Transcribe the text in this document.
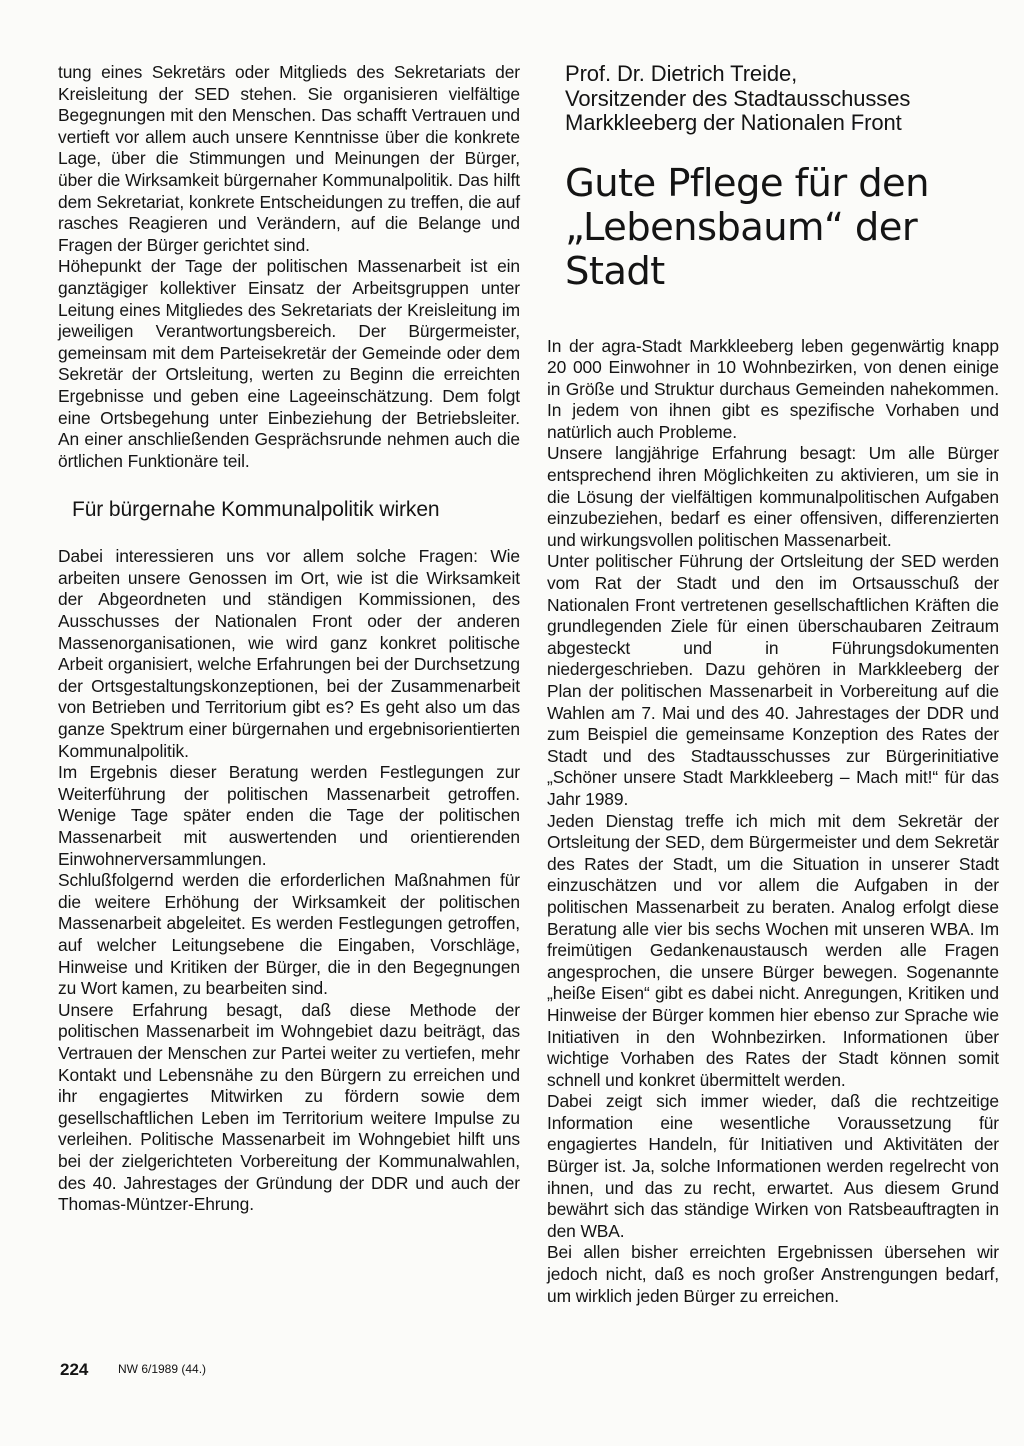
tung eines Sekretärs oder Mitglieds des Sekretariats der Kreisleitung der SED stehen. Sie organisieren vielfältige Begegnungen mit den Menschen. Das schafft Vertrauen und vertieft vor allem auch unsere Kenntnisse über die konkrete Lage, über die Stimmungen und Meinungen der Bürger, über die Wirksamkeit bürgernaher Kommunalpolitik. Das hilft dem Sekretariat, konkrete Entscheidungen zu treffen, die auf rasches Reagieren und Verändern, auf die Belange und Fragen der Bürger gerichtet sind.

Höhepunkt der Tage der politischen Massenarbeit ist ein ganztägiger kollektiver Einsatz der Arbeitsgruppen unter Leitung eines Mitgliedes des Sekretariats der Kreisleitung im jeweiligen Verantwortungsbereich. Der Bürgermeister, gemeinsam mit dem Parteisekretär der Gemeinde oder dem Sekretär der Ortsleitung, werten zu Beginn die erreichten Ergebnisse und geben eine Lageeinschätzung. Dem folgt eine Ortsbegehung unter Einbeziehung der Betriebsleiter. An einer anschließenden Gesprächsrunde nehmen auch die örtlichen Funktionäre teil.

Für bürgernahe Kommunalpolitik wirken

Dabei interessieren uns vor allem solche Fragen: Wie arbeiten unsere Genossen im Ort, wie ist die Wirksamkeit der Abgeordneten und ständigen Kommissionen, des Ausschusses der Nationalen Front oder der anderen Massenorganisationen, wie wird ganz konkret politische Arbeit organisiert, welche Erfahrungen bei der Durchsetzung der Ortsgestaltungskonzeptionen, bei der Zusammenarbeit von Betrieben und Territorium gibt es? Es geht also um das ganze Spektrum einer bürgernahen und ergebnisorientierten Kommunalpolitik.

Im Ergebnis dieser Beratung werden Festlegungen zur Weiterführung der politischen Massenarbeit getroffen. Wenige Tage später enden die Tage der politischen Massenarbeit mit auswertenden und orientierenden Einwohnerversammlungen.

Schlußfolgernd werden die erforderlichen Maßnahmen für die weitere Erhöhung der Wirksamkeit der politischen Massenarbeit abgeleitet. Es werden Festlegungen getroffen, auf welcher Leitungsebene die Eingaben, Vorschläge, Hinweise und Kritiken der Bürger, die in den Begegnungen zu Wort kamen, zu bearbeiten sind.

Unsere Erfahrung besagt, daß diese Methode der politischen Massenarbeit im Wohngebiet dazu beiträgt, das Vertrauen der Menschen zur Partei weiter zu vertiefen, mehr Kontakt und Lebensnähe zu den Bürgern zu erreichen und ihr engagiertes Mitwirken zu fördern sowie dem gesellschaftlichen Leben im Territorium weitere Impulse zu verleihen. Politische Massenarbeit im Wohngebiet hilft uns bei der zielgerichteten Vorbereitung der Kommunalwahlen, des 40. Jahrestages der Gründung der DDR und auch der Thomas-Müntzer-Ehrung.

Prof. Dr. Dietrich Treide,
Vorsitzender des Stadtausschusses
Markkleeberg der Nationalen Front
Gute Pflege für den
„Lebensbaum“ der Stadt

In der agra-Stadt Markkleeberg leben gegenwärtig knapp 20 000 Einwohner in 10 Wohnbezirken, von denen einige in Größe und Struktur durchaus Gemeinden nahekommen. In jedem von ihnen gibt es spezifische Vorhaben und natürlich auch Probleme.

Unsere langjährige Erfahrung besagt: Um alle Bürger entsprechend ihren Möglichkeiten zu aktivieren, um sie in die Lösung der vielfältigen kommunalpolitischen Aufgaben einzubeziehen, bedarf es einer offensiven, differenzierten und wirkungsvollen politischen Massenarbeit.

Unter politischer Führung der Ortsleitung der SED werden vom Rat der Stadt und den im Ortsausschuß der Nationalen Front vertretenen gesellschaftlichen Kräften die grundlegenden Ziele für einen überschaubaren Zeitraum abgesteckt und in Führungsdokumenten niedergeschrieben. Dazu gehören in Markkleeberg der Plan der politischen Massenarbeit in Vorbereitung auf die Wahlen am 7. Mai und des 40. Jahrestages der DDR und zum Beispiel die gemeinsame Konzeption des Rates der Stadt und des Stadtausschusses zur Bürgerinitiative „Schöner unsere Stadt Markkleeberg – Mach mit!“ für das Jahr 1989.

Jeden Dienstag treffe ich mich mit dem Sekretär der Ortsleitung der SED, dem Bürgermeister und dem Sekretär des Rates der Stadt, um die Situation in unserer Stadt einzuschätzen und vor allem die Aufgaben in der politischen Massenarbeit zu beraten. Analog erfolgt diese Beratung alle vier bis sechs Wochen mit unseren WBA. Im freimütigen Gedankenaustausch werden alle Fragen angesprochen, die unsere Bürger bewegen. Sogenannte „heiße Eisen“ gibt es dabei nicht. Anregungen, Kritiken und Hinweise der Bürger kommen hier ebenso zur Sprache wie Initiativen in den Wohnbezirken. Informationen über wichtige Vorhaben des Rates der Stadt können somit schnell und konkret übermittelt werden.

Dabei zeigt sich immer wieder, daß die rechtzeitige Information eine wesentliche Voraussetzung für engagiertes Handeln, für Initiativen und Aktivitäten der Bürger ist. Ja, solche Informationen werden regelrecht von ihnen, und das zu recht, erwartet. Aus diesem Grund bewährt sich das ständige Wirken von Ratsbeauftragten in den WBA.

Bei allen bisher erreichten Ergebnissen übersehen wir jedoch nicht, daß es noch großer Anstrengungen bedarf, um wirklich jeden Bürger zu erreichen.

224 NW 6/1989 (44.)
